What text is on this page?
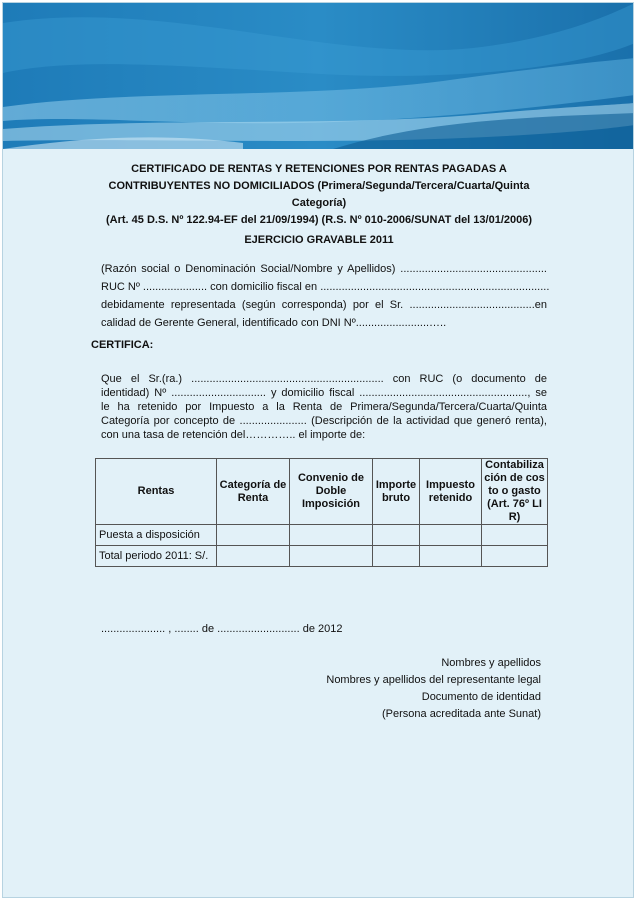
CERTIFICADO DE RENTAS Y RETENCIONES POR RENTAS PAGADAS A
CONTRIBUYENTES NO DOMICILIADOS (Primera/Segunda/Tercera/Cuarta/Quinta
Categoría)
(Art. 45 D.S. Nº 122.94-EF del 21/09/1994) (R.S. Nº 010-2006/SUNAT del 13/01/2006)
EJERCICIO GRAVABLE 2011
(Razón social o Denominación Social/Nombre y Apellidos) ................................................
RUC Nº ..................... con domicilio fiscal en ...........................................................................
debidamente representada (según corresponda) por el Sr. .........................................en
calidad de Gerente General, identificado con DNI Nº........................…..
CERTIFICA:
Que el Sr.(ra.) ............................................................... con RUC (o documento de
identidad) Nº ............................... y domicilio fiscal ......................................................., se
le ha retenido por Impuesto a la Renta de Primera/Segunda/Tercera/Cuarta/Quinta
Categoría por concepto de ...................... (Descripción de la actividad que generó renta),
con una tasa de retención del………….. el importe de:
Rentas	Categoría de Renta	Convenio de Doble Imposición	Importe bruto	Impuesto retenido	Contabilización de costo o gasto (Art. 76º LIR)
Puesta a disposición					
Total periodo 2011: S/.					
..................... , ........ de ........................... de 2012
Nombres y apellidos
Nombres y apellidos del representante legal
Documento de identidad
(Persona acreditada ante Sunat)
